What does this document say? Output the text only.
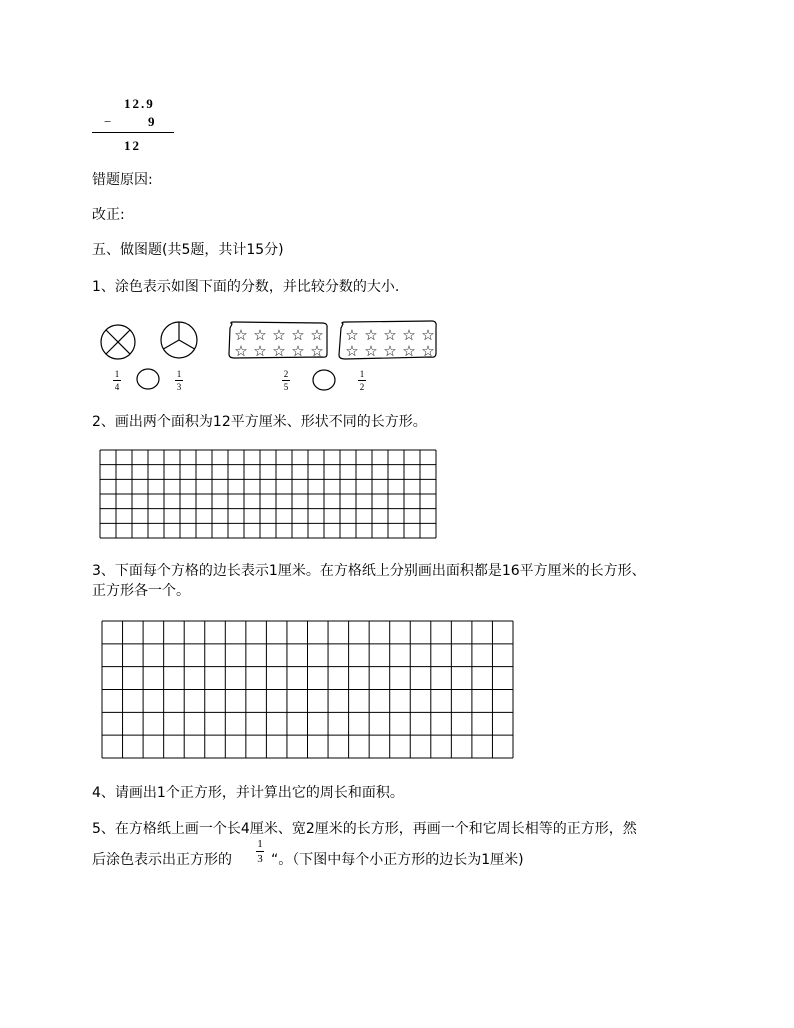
12.9
−	9
12
错题原因:
改正:
五、做图题(共5题，共计15分)
1、涂色表示如图下面的分数，并比较分数的大小.
☆ ☆ ☆ ☆ ☆
☆ ☆ ☆ ☆ ☆
☆ ☆ ☆ ☆ ☆
☆ ☆ ☆ ☆ ☆
1
4
1
3
2
5
1
2
2、画出两个面积为12平方厘米、形状不同的长方形。
3、下面每个方格的边长表示1厘米。在方格纸上分别画出面积都是16平方厘米的长方形、
正方形各一个。
4、请画出1个正方形，并计算出它的周长和面积。
5、在方格纸上画一个长4厘米、宽2厘米的长方形，再画一个和它周长相等的正方形，然
后涂色表示出正方形的
1
3 “。（下图中每个小正方形的边长为1厘米)
